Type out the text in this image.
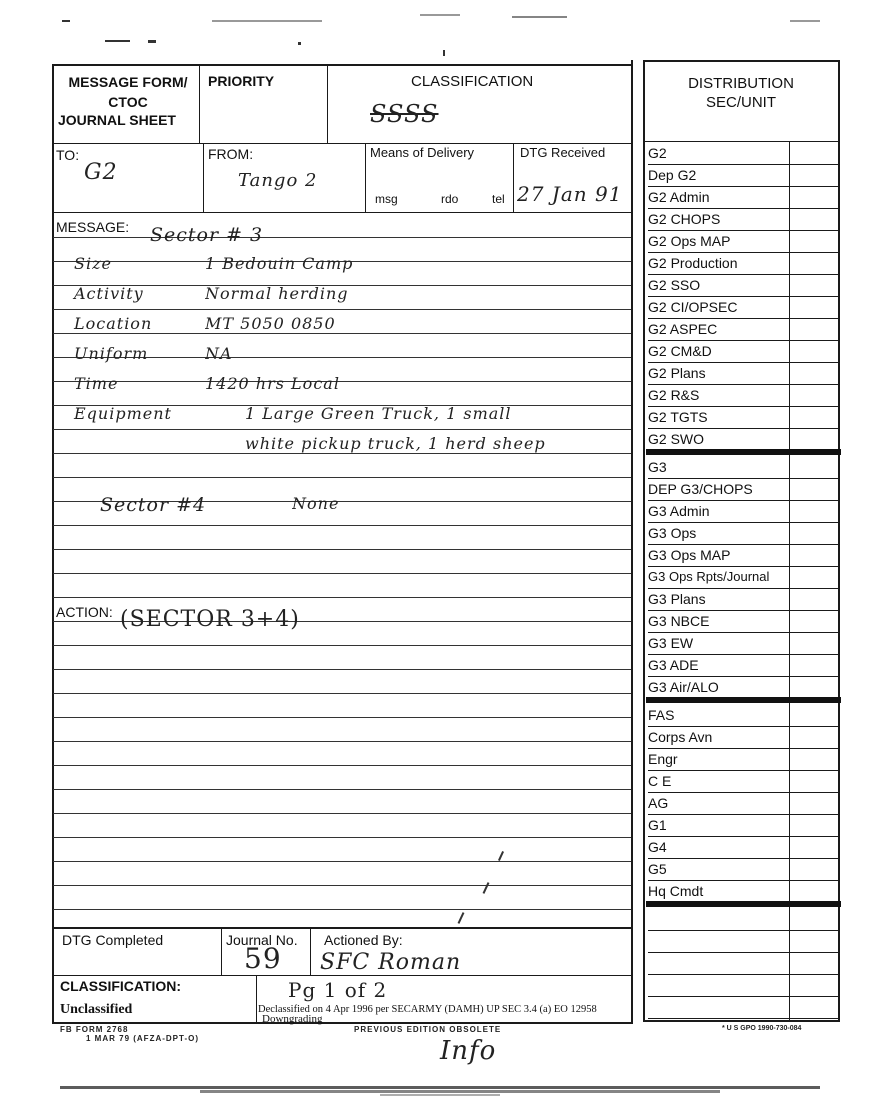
MESSAGE FORM/
CTOC
JOURNAL SHEET
PRIORITY	CLASSIFICATION
SSSS
TO:
G2
FROM:
Tango 2
Means of Delivery
msg	rdo	tel
DTG Received
27 Jan 91
MESSAGE: Sector # 3
Size	1 Bedouin Camp
Activity	Normal herding
Location	MT 5050 0850
Uniform	NA
Time	1420 hrs Local
Equipment	1 Large Green Truck, 1 small
white pickup truck, 1 herd sheep
Sector #4	None
ACTION: (SECTOR 3+4)
DTG Completed	Journal No.
59
Actioned By:
SFC Roman
CLASSIFICATION:
Unclassified
Pg 1 of 2
Declassified on 4 Apr 1996 per SECARMY (DAMH) UP SEC 3.4 (a) EO 12958
Downgrading
FB FORM 2768
1 MAR 79 (AFZA-DPT-O)
PREVIOUS EDITION OBSOLETE	* U S GPO 1990-730-084
Info
DISTRIBUTION
SEC/UNIT
G2
Dep G2
G2 Admin
G2 CHOPS
G2 Ops MAP
G2 Production
G2 SSO
G2 CI/OPSEC
G2 ASPEC
G2 CM&D
G2 Plans
G2 R&S
G2 TGTS
G2 SWO
G3
DEP G3/CHOPS
G3 Admin
G3 Ops
G3 Ops MAP
G3 Ops Rpts/Journal
G3 Plans
G3 NBCE
G3 EW
G3 ADE
G3 Air/ALO
FAS
Corps Avn
Engr
C E
AG
G1
G4
G5
Hq Cmdt
